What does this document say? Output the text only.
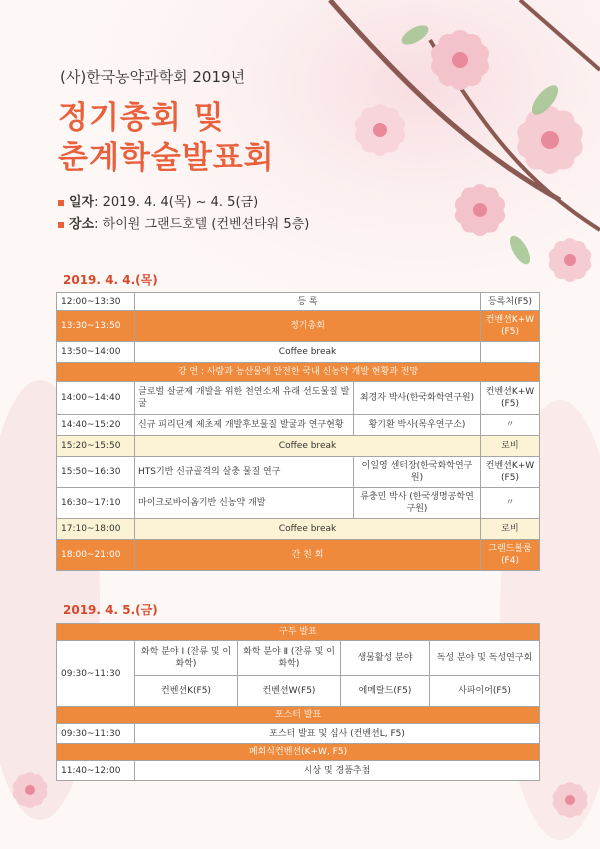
(사)한국농약과학회 2019년
정기총회 및
춘계학술발표회
일자 : 2019. 4. 4(목) ~ 4. 5(금)
장소 : 하이원 그랜드호텔 (컨벤션타워 5층)
2019. 4. 4.(목)
12:00~13:30	등 록		등록처(F5)
13:30~13:50	정기총회		컨벤션K+W (F5)
13:50~14:00	Coffee break		
강 연 : 사람과 농산물에 안전한 국내 신농약 개발 현황과 전망			
14:00~14:40	글로벌 살균제 개발을 위한 천연소재 유래 선도물질 발굴	최경자 박사(한국화학연구원)	컨벤션K+W (F5)
14:40~15:20	신규 피리딘계 제초제 개발후보물질 발굴과 연구현황	황기환 박사(목우연구소)	〃
15:20~15:50	Coffee break		로비
15:50~16:30	HTS기반 신규골격의 살충 물질 연구	이일영 센터장(한국화학연구원)	컨벤션K+W (F5)
16:30~17:10	마이크로바이옴기반 신농약 개발	류충민 박사 (한국생명공학연구원)	〃
17:10~18:00	Coffee break		로비
18:00~21:00	간 친 회		그랜드볼룸 (F4)
2019. 4. 5.(금)
구두 발표				
09:30~11:30	화학 분야 Ⅰ (잔류 및 이화학)	화학 분야 Ⅱ (잔류 및 이화학)	생물활성 분야	독성 분야 및 독성연구회
	컨벤션K(F5)	컨벤션W(F5)	에메랄드(F5)	사파이어(F5)
포스터 발표				
09:30~11:30	포스터 발표 및 심사 (컨벤션L, F5)			
폐회식컨벤션(K+W, F5)				
11:40~12:00	시상 및 경품추첨			
